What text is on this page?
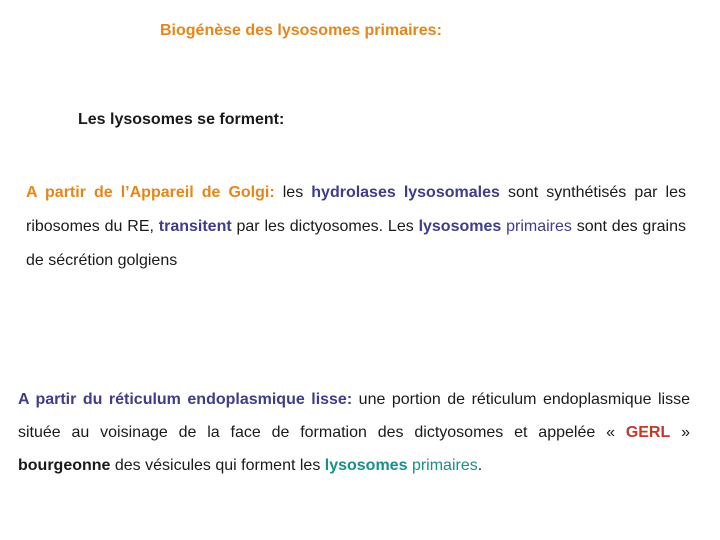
Biogénèse des lysosomes primaires:
Les lysosomes se forment:
A partir de l’Appareil de Golgi: les hydrolases lysosomales sont synthétisés par les ribosomes du RE, transitent par les dictyosomes. Les lysosomes primaires sont des grains de sécrétion golgiens
A partir du réticulum endoplasmique lisse: une portion de réticulum endoplasmique lisse située au voisinage de la face de formation des dictyosomes et appelée « GERL » bourgeonne des vésicules qui forment les lysosomes primaires.
